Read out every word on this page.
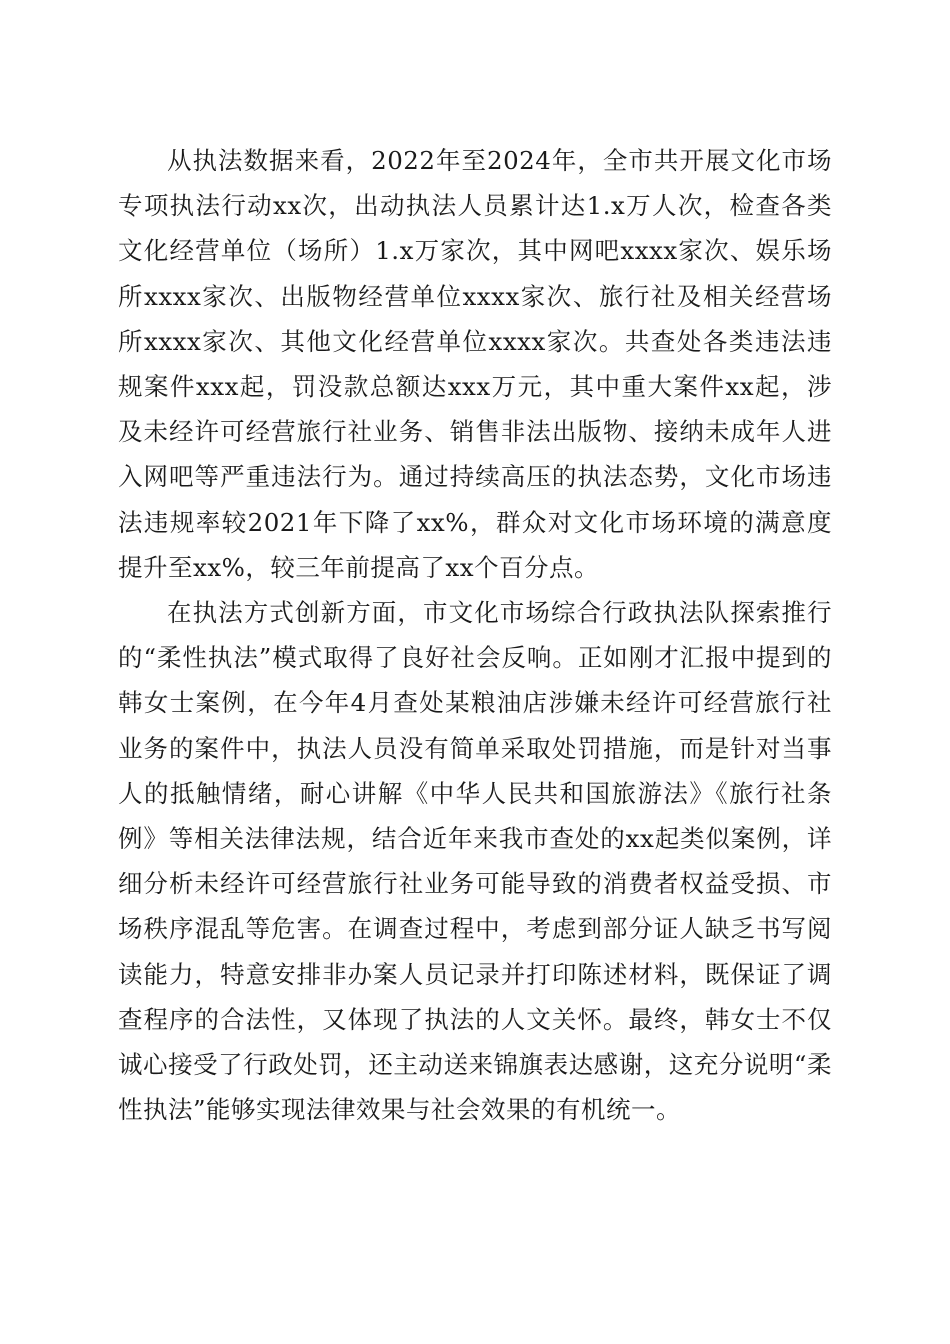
从执法数据来看，2022年至2024年，全市共开展文化市场专项执法行动xx次，出动执法人员累计达1.x万人次，检查各类文化经营单位（场所）1.x万家次，其中网吧xxxx家次、娱乐场所xxxx家次、出版物经营单位xxxx家次、旅行社及相关经营场所xxxx家次、其他文化经营单位xxxx家次。共查处各类违法违规案件xxx起，罚没款总额达xxx万元，其中重大案件xx起，涉及未经许可经营旅行社业务、销售非法出版物、接纳未成年人进入网吧等严重违法行为。通过持续高压的执法态势，文化市场违法违规率较2021年下降了xx%，群众对文化市场环境的满意度提升至xx%，较三年前提高了xx个百分点。

在执法方式创新方面，市文化市场综合行政执法队探索推行的“柔性执法”模式取得了良好社会反响。正如刚才汇报中提到的韩女士案例，在今年4月查处某粮油店涉嫌未经许可经营旅行社业务的案件中，执法人员没有简单采取处罚措施，而是针对当事人的抵触情绪，耐心讲解《中华人民共和国旅游法》《旅行社条例》等相关法律法规，结合近年来我市查处的xx起类似案例，详细分析未经许可经营旅行社业务可能导致的消费者权益受损、市场秩序混乱等危害。在调查过程中，考虑到部分证人缺乏书写阅读能力，特意安排非办案人员记录并打印陈述材料，既保证了调查程序的合法性，又体现了执法的人文关怀。最终，韩女士不仅诚心接受了行政处罚，还主动送来锦旗表达感谢，这充分说明“柔性执法”能够实现法律效果与社会效果的有机统一。
